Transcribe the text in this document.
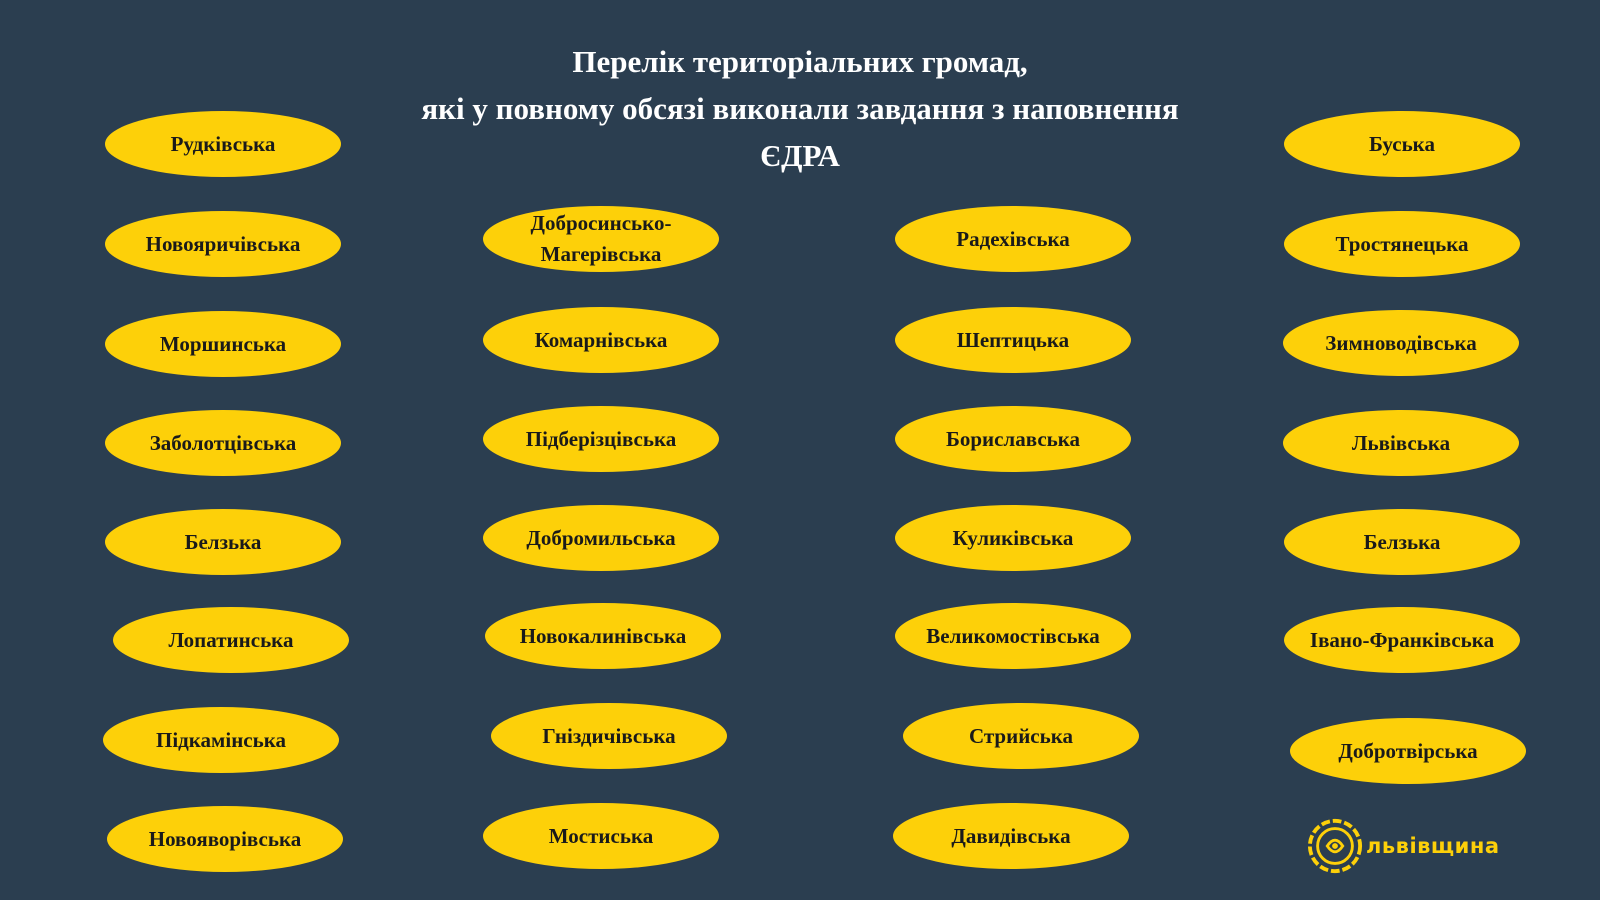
Перелік територіальних громад,
які у повному обсязі виконали завдання з наповнення
ЄДРА
Рудківська
Новояричівська
Моршинська
Заболотцівська
Белзька
Лопатинська
Підкамінська
Новояворівська
Добросинсько-Магерівська
Комарнівська
Підберізцівська
Добромильська
Новокалинівська
Гніздичівська
Мостиська
Радехівська
Шептицька
Бориславська
Куликівська
Великомостівська
Стрийська
Давидівська
Буська
Тростянецька
Зимноводівська
Львівська
Белзька
Івано-Франківська
Добротвірська
львівщина
